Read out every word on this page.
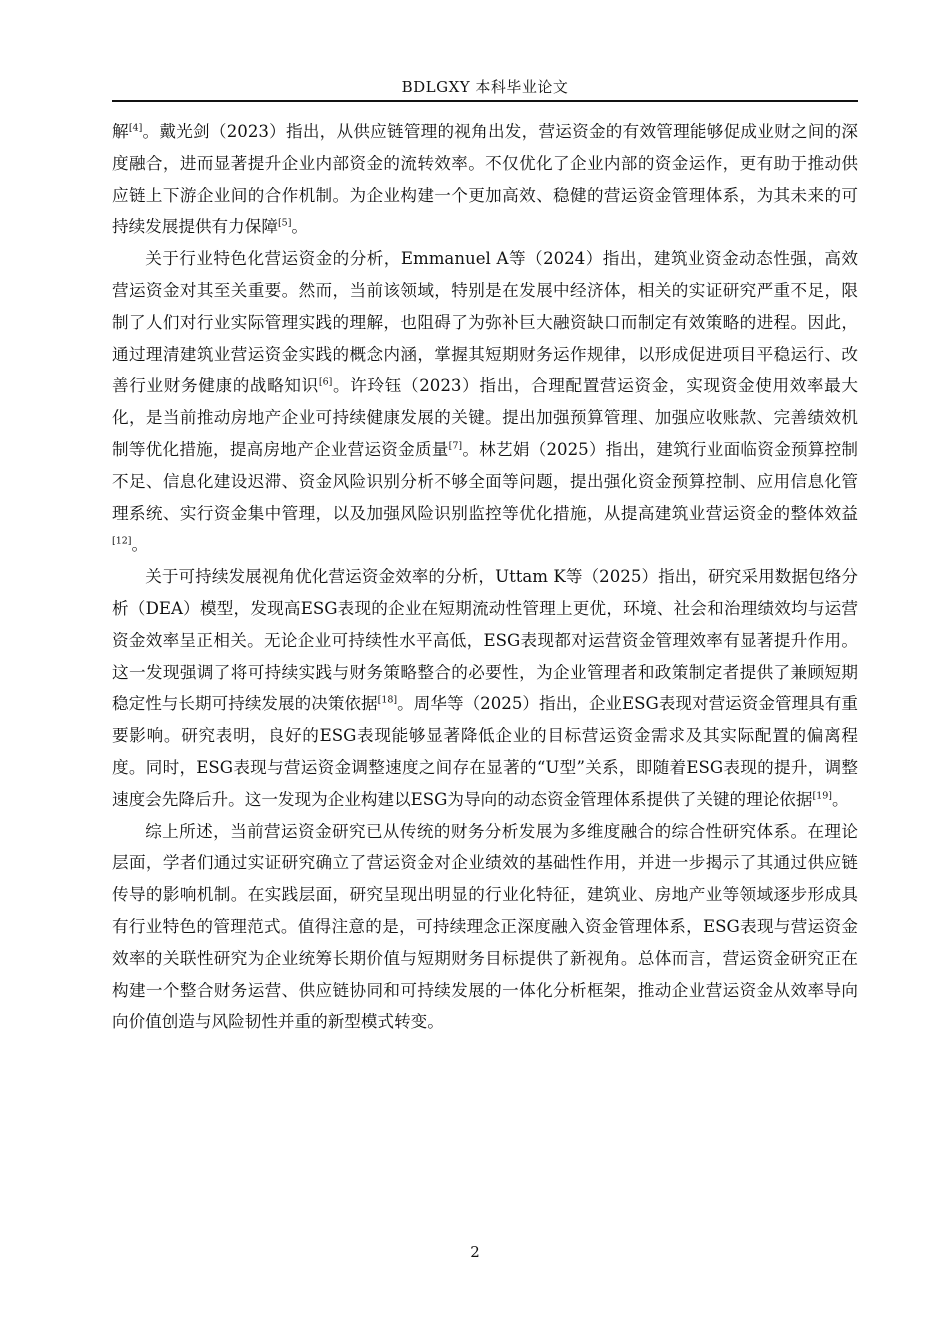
BDLGXY 本科毕业论文

解[4]。戴光剑（2023）指出，从供应链管理的视角出发，营运资金的有效管理能够促成业财之间的深度融合，进而显著提升企业内部资金的流转效率。不仅优化了企业内部的资金运作，更有助于推动供应链上下游企业间的合作机制。为企业构建一个更加高效、稳健的营运资金管理体系，为其未来的可持续发展提供有力保障[5]。

关于行业特色化营运资金的分析，Emmanuel A等（2024）指出，建筑业资金动态性强，高效营运资金对其至关重要。然而，当前该领域，特别是在发展中经济体，相关的实证研究严重不足，限制了人们对行业实际管理实践的理解，也阻碍了为弥补巨大融资缺口而制定有效策略的进程。因此，通过理清建筑业营运资金实践的概念内涵，掌握其短期财务运作规律，以形成促进项目平稳运行、改善行业财务健康的战略知识[6]。许玲钰（2023）指出，合理配置营运资金，实现资金使用效率最大化，是当前推动房地产企业可持续健康发展的关键。提出加强预算管理、加强应收账款、完善绩效机制等优化措施，提高房地产企业营运资金质量[7]。林艺娟（2025）指出，建筑行业面临资金预算控制不足、信息化建设迟滞、资金风险识别分析不够全面等问题，提出强化资金预算控制、应用信息化管理系统、实行资金集中管理，以及加强风险识别监控等优化措施，从提高建筑业营运资金的整体效益[12]。

关于可持续发展视角优化营运资金效率的分析，Uttam K等（2025）指出，研究采用数据包络分析（DEA）模型，发现高ESG表现的企业在短期流动性管理上更优，环境、社会和治理绩效均与运营资金效率呈正相关。无论企业可持续性水平高低，ESG表现都对运营资金管理效率有显著提升作用。这一发现强调了将可持续实践与财务策略整合的必要性，为企业管理者和政策制定者提供了兼顾短期稳定性与长期可持续发展的决策依据[18]。周华等（2025）指出，企业ESG表现对营运资金管理具有重要影响。研究表明，良好的ESG表现能够显著降低企业的目标营运资金需求及其实际配置的偏离程度。同时，ESG表现与营运资金调整速度之间存在显著的“U型”关系，即随着ESG表现的提升，调整速度会先降后升。这一发现为企业构建以ESG为导向的动态资金管理体系提供了关键的理论依据[19]。

综上所述，当前营运资金研究已从传统的财务分析发展为多维度融合的综合性研究体系。在理论层面，学者们通过实证研究确立了营运资金对企业绩效的基础性作用，并进一步揭示了其通过供应链传导的影响机制。在实践层面，研究呈现出明显的行业化特征，建筑业、房地产业等领域逐步形成具有行业特色的管理范式。值得注意的是，可持续理念正深度融入资金管理体系，ESG表现与营运资金效率的关联性研究为企业统筹长期价值与短期财务目标提供了新视角。总体而言，营运资金研究正在构建一个整合财务运营、供应链协同和可持续发展的一体化分析框架，推动企业营运资金从效率导向向价值创造与风险韧性并重的新型模式转变。

2
